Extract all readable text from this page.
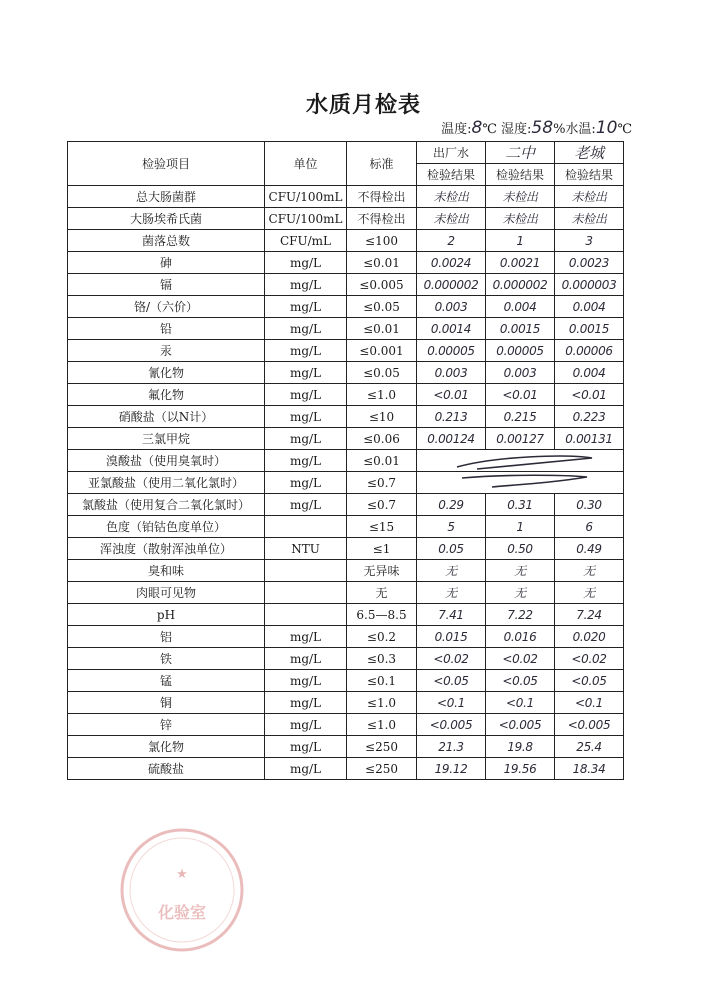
水质月检表
温度:8℃ 湿度:58%水温:10℃
检验项目	单位	标准	出厂水	二中	老城
			检验结果	检验结果	检验结果
总大肠菌群	CFU/100mL	不得检出	未检出	未检出	未检出
大肠埃希氏菌	CFU/100mL	不得检出	未检出	未检出	未检出
菌落总数	CFU/mL	≤100	2	1	3
砷	mg/L	≤0.01	0.0024	0.0021	0.0023
镉	mg/L	≤0.005	0.000002	0.000002	0.000003
铬/（六价）	mg/L	≤0.05	0.003	0.004	0.004
铅	mg/L	≤0.01	0.0014	0.0015	0.0015
汞	mg/L	≤0.001	0.00005	0.00005	0.00006
氰化物	mg/L	≤0.05	0.003	0.003	0.004
氟化物	mg/L	≤1.0	<0.01	<0.01	<0.01
硝酸盐（以N计）	mg/L	≤10	0.213	0.215	0.223
三氯甲烷	mg/L	≤0.06	0.00124	0.00127	0.00131
溴酸盐（使用臭氧时）	mg/L	≤0.01	

亚氯酸盐（使用二氧化氯时）	mg/L	≤0.7	

氯酸盐（使用复合二氧化氯时）	mg/L	≤0.7	0.29	0.31	0.30
色度（铂钴色度单位）		≤15	5	1	6
浑浊度（散射浑浊单位）	NTU	≤1	0.05	0.50	0.49
臭和味		无异味	无	无	无
肉眼可见物		无	无	无	无
pH		6.5—8.5	7.41	7.22	7.24
铝	mg/L	≤0.2	0.015	0.016	0.020
铁	mg/L	≤0.3	<0.02	<0.02	<0.02
锰	mg/L	≤0.1	<0.05	<0.05	<0.05
铜	mg/L	≤1.0	<0.1	<0.1	<0.1
锌	mg/L	≤1.0	<0.005	<0.005	<0.005
氯化物	mg/L	≤250	21.3	19.8	25.4
硫酸盐	mg/L	≤250	19.12	19.56	18.34
★
化验室
